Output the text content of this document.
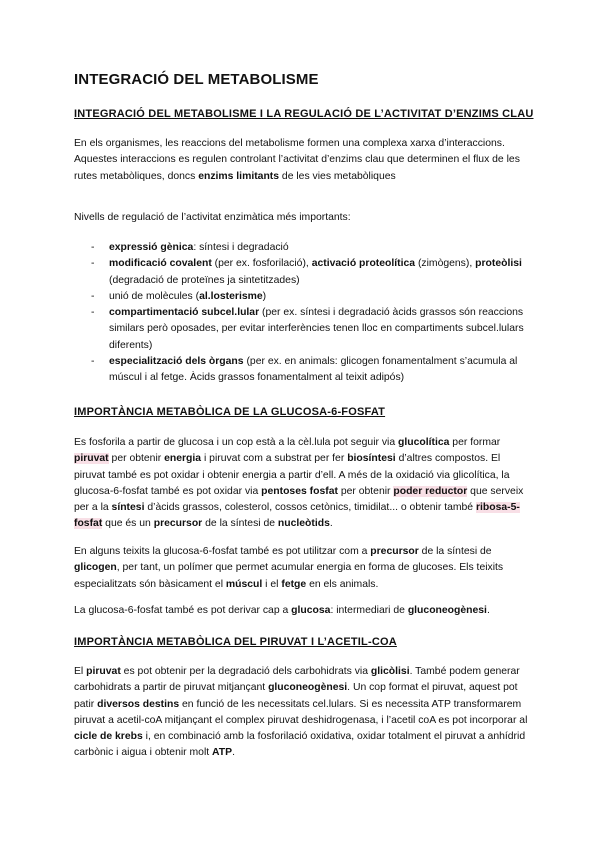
INTEGRACIÓ DEL METABOLISME
INTEGRACIÓ DEL METABOLISME I LA REGULACIÓ DE L’ACTIVITAT D’ENZIMS CLAU
En els organismes, les reaccions del metabolisme formen una complexa xarxa d’interaccions. Aquestes interaccions es regulen controlant l’activitat d’enzims clau que determinen el flux de les rutes metabòliques, doncs enzims limitants de les vies metabòliques
Nivells de regulació de l’activitat enzimàtica més importants:
- expressió gènica: síntesi i degradació
- modificació covalent (per ex. fosforilació), activació proteolítica (zimògens), proteòlisi (degradació de proteïnes ja sintetitzades)
- unió de molècules (al.losterisme)
- compartimentació subcel.lular (per ex. síntesi i degradació àcids grassos són reaccions similars però oposades, per evitar interferències tenen lloc en compartiments subcel.lulars diferents)
- especialització dels òrgans (per ex. en animals: glicogen fonamentalment s’acumula al múscul i al fetge. Àcids grassos fonamentalment al teixit adipós)
IMPORTÀNCIA METABÒLICA DE LA GLUCOSA-6-FOSFAT
Es fosforila a partir de glucosa i un cop està a la cèl.lula pot seguir via glucolítica per formar piruvat per obtenir energia i piruvat com a substrat per fer biosíntesi d’altres compostos. El piruvat també es pot oxidar i obtenir energia a partir d’ell. A més de la oxidació via glicolítica, la glucosa-6-fosfat també es pot oxidar via pentoses fosfat per obtenir poder reductor que serveix per a la síntesi d’àcids grassos, colesterol, cossos cetònics, timidilat... o obtenir també ribosa-5-fosfat que és un precursor de la síntesi de nucleòtids.
En alguns teixits la glucosa-6-fosfat també es pot utilitzar com a precursor de la síntesi de glicogen, per tant, un polímer que permet acumular energia en forma de glucoses. Els teixits especialitzats són bàsicament el múscul i el fetge en els animals.
La glucosa-6-fosfat també es pot derivar cap a glucosa: intermediari de gluconeogènesi.
IMPORTÀNCIA METABÒLICA DEL PIRUVAT I L’ACETIL-COA
El piruvat es pot obtenir per la degradació dels carbohidrats via glicòlisi. També podem generar carbohidrats a partir de piruvat mitjançant gluconeogènesi. Un cop format el piruvat, aquest pot patir diversos destins en funció de les necessitats cel.lulars. Si es necessita ATP transformarem piruvat a acetil-coA mitjançant el complex piruvat deshidrogenasa, i l’acetil coA es pot incorporar al cicle de krebs i, en combinació amb la fosforilació oxidativa, oxidar totalment el piruvat a anhídrid carbònic i aigua i obtenir molt ATP.
